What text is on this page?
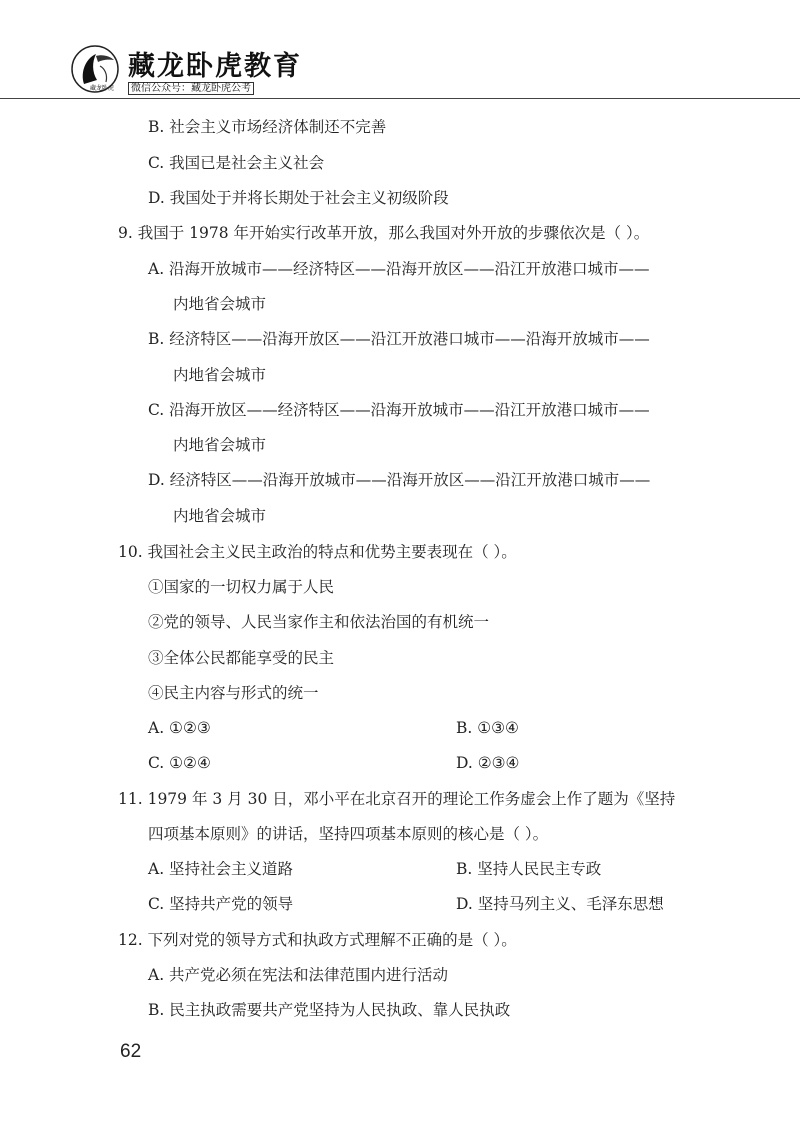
藏龙卧虎
藏龙卧虎教育
微信公众号：藏龙卧虎公考
B. 社会主义市场经济体制还不完善
C. 我国已是社会主义社会
D. 我国处于并将长期处于社会主义初级阶段
9. 我国于 1978 年开始实行改革开放，那么我国对外开放的步骤依次是（ ）。
A. 沿海开放城市——经济特区——沿海开放区——沿江开放港口城市——
内地省会城市
B. 经济特区——沿海开放区——沿江开放港口城市——沿海开放城市——
内地省会城市
C. 沿海开放区——经济特区——沿海开放城市——沿江开放港口城市——
内地省会城市
D. 经济特区——沿海开放城市——沿海开放区——沿江开放港口城市——
内地省会城市
10. 我国社会主义民主政治的特点和优势主要表现在（ ）。
①国家的一切权力属于人民
②党的领导、人民当家作主和依法治国的有机统一
③全体公民都能享受的民主
④民主内容与形式的统一
A. ①②③	B. ①③④
C. ①②④	D. ②③④
11. 1979 年 3 月 30 日，邓小平在北京召开的理论工作务虚会上作了题为《坚持
四项基本原则》的讲话，坚持四项基本原则的核心是（ ）。
A. 坚持社会主义道路	B. 坚持人民民主专政
C. 坚持共产党的领导	D. 坚持马列主义、毛泽东思想
12. 下列对党的领导方式和执政方式理解不正确的是（ ）。
A. 共产党必须在宪法和法律范围内进行活动
B. 民主执政需要共产党坚持为人民执政、靠人民执政
62
